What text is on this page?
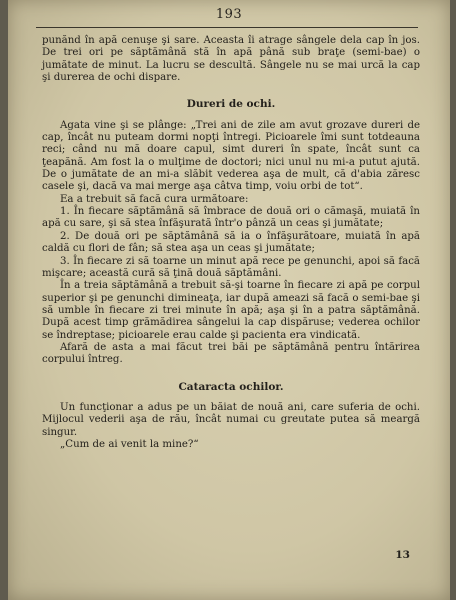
193

punănd în apă cenuşe şi sare. Aceasta îi atrage sângele dela cap în jos. De trei ori pe săptămână stă în apă până sub braţe (semi-bae) o jumătate de minut. La lucru se descultă. Sângele nu se mai urcă la cap şi durerea de ochi dispare.

Dureri de ochi.

Agata vine şi se plânge: „Trei ani de zile am avut grozave dureri de cap, încât nu puteam dormi nopţi întregi. Picioarele îmi sunt totdeauna reci; când nu mă doare capul, simt dureri în spate, încât sunt ca ţeapănă. Am fost la o mulţime de doctori; nici unul nu mi-a putut ajută. De o jumătate de an mi-a slăbit vederea aşa de mult, că d'abia zăresc casele şi, dacă va mai merge aşa câtva timp, voiu orbi de tot“.

Ea a trebuit să facă cura următoare:

1. În fiecare săptămână să îmbrace de două ori o cămaşă, muiată în apă cu sare, şi să stea înfăşurată într'o pânză un ceas şi jumătate;

2. De două ori pe săptămână să ia o înfăşurătoare, muiată în apă caldă cu flori de fân; să stea aşa un ceas şi jumătate;

3. În fiecare zi să toarne un minut apă rece pe genunchi, apoi să facă mişcare; această cură să ţină două săptămâni.

În a treia săptămână a trebuit să-şi toarne în fiecare zi apă pe corpul superior şi pe genunchi dimineaţa, iar după ameazi să facă o semi-bae şi să umble în fiecare zi trei minute în apă; aşa şi în a patra săptămână. După acest timp grămădirea sângelui la cap dispăruse; vederea ochilor se îndreptase; picioarele erau calde şi pacienta era vindicată.

Afară de asta a mai făcut trei băi pe săptămână pentru întărirea corpului întreg.

Cataracta ochilor.

Un funcţionar a adus pe un băiat de nouă ani, care suferia de ochi. Mijlocul vederii aşa de rău, încât numai cu greutate putea să meargă singur.

„Cum de ai venit la mine?“

13
